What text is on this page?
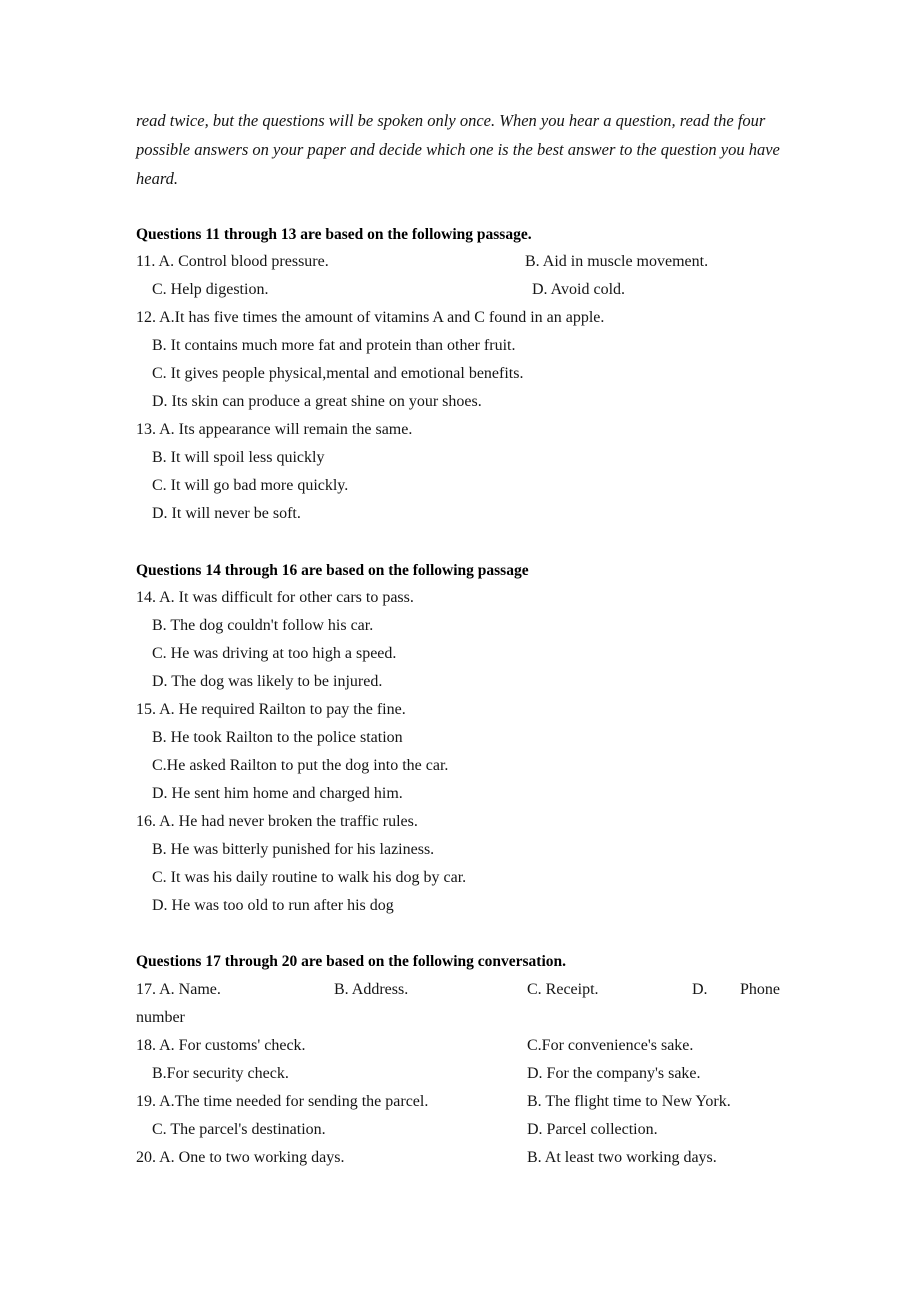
read twice, but the questions will be spoken only once. When you hear a question, read the four
possible answers on your paper and decide which one is the best answer to the question you have
heard.
Questions 11 through 13 are based on the following passage.
11. A. Control blood pressure.	B. Aid in muscle movement.
C. Help digestion.	D. Avoid cold.
12. A.It has five times the amount of vitamins A and C found in an apple.
B. It contains much more fat and protein than other fruit.
C. It gives people physical,mental and emotional benefits.
D. Its skin can produce a great shine on your shoes.
13. A. Its appearance will remain the same.
B. It will spoil less quickly
C. It will go bad more quickly.
D. It will never be soft.
Questions 14 through 16 are based on the following passage
14. A. It was difficult for other cars to pass.
B. The dog couldn't follow his car.
C. He was driving at too high a speed.
D. The dog was likely to be injured.
15. A. He required Railton to pay the fine.
B. He took Railton to the police station
C.He asked Railton to put the dog into the car.
D. He sent him home and charged him.
16. A. He had never broken the traffic rules.
B. He was bitterly punished for his laziness.
C. It was his daily routine to walk his dog by car.
D. He was too old to run after his dog
Questions 17 through 20 are based on the following conversation.
17. A. Name.	B. Address.	C. Receipt.	D. Phone
number
18. A. For customs' check.	C.For convenience's sake.
B.For security check.	D. For the company's sake.
19. A.The time needed for sending the parcel.	B. The flight time to New York.
C. The parcel's destination.	D. Parcel collection.
20. A. One to two working days.	B. At least two working days.
